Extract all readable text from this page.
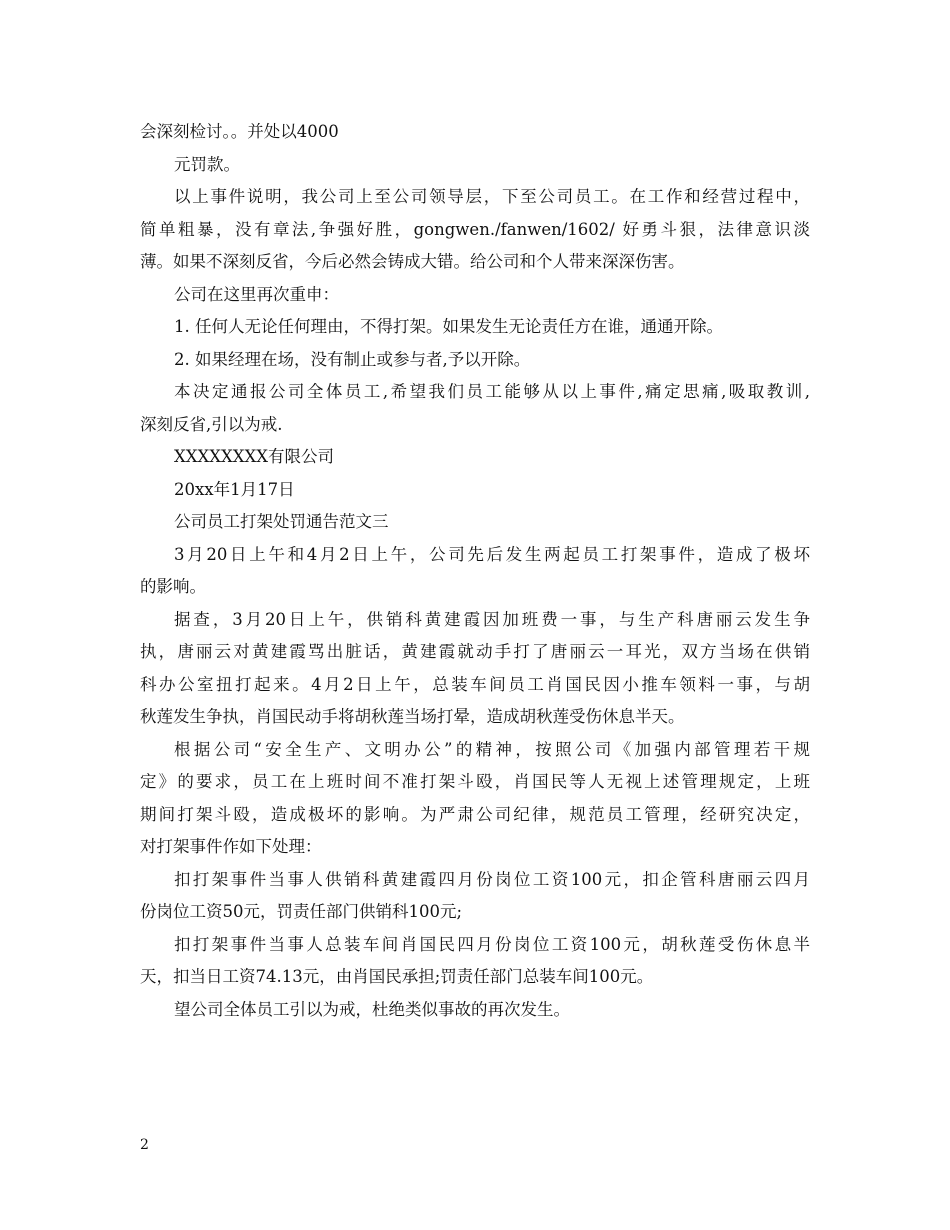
会深刻检讨。。并处以4000
元罚款。
以上事件说明，我公司上至公司领导层，下至公司员工。在工作和经营过程中，
简单粗暴，没有章法,争强好胜，gongwen./fanwen/1602/ 好勇斗狠，法律意识淡
薄。如果不深刻反省，今后必然会铸成大错。给公司和个人带来深深伤害。
公司在这里再次重申：
1. 任何人无论任何理由，不得打架。如果发生无论责任方在谁，通通开除。
2. 如果经理在场，没有制止或参与者,予以开除。
本决定通报公司全体员工,希望我们员工能够从以上事件,痛定思痛,吸取教训,
深刻反省,引以为戒.
XXXXXXXX有限公司
20xx年1月17日
公司员工打架处罚通告范文三
3月20日上午和4月2日上午，公司先后发生两起员工打架事件，造成了极坏
的影响。
据查，3月20日上午，供销科黄建霞因加班费一事，与生产科唐丽云发生争
执，唐丽云对黄建霞骂出脏话，黄建霞就动手打了唐丽云一耳光，双方当场在供销
科办公室扭打起来。4月2日上午，总装车间员工肖国民因小推车领料一事，与胡
秋莲发生争执，肖国民动手将胡秋莲当场打晕，造成胡秋莲受伤休息半天。
根据公司“安全生产、文明办公”的精神，按照公司《加强内部管理若干规
定》的要求，员工在上班时间不准打架斗殴，肖国民等人无视上述管理规定，上班
期间打架斗殴，造成极坏的影响。为严肃公司纪律，规范员工管理，经研究决定，
对打架事件作如下处理：
扣打架事件当事人供销科黄建霞四月份岗位工资100元，扣企管科唐丽云四月
份岗位工资50元，罚责任部门供销科100元;
扣打架事件当事人总装车间肖国民四月份岗位工资100元，胡秋莲受伤休息半
天，扣当日工资74.13元，由肖国民承担;罚责任部门总装车间100元。
望公司全体员工引以为戒，杜绝类似事故的再次发生。
2
